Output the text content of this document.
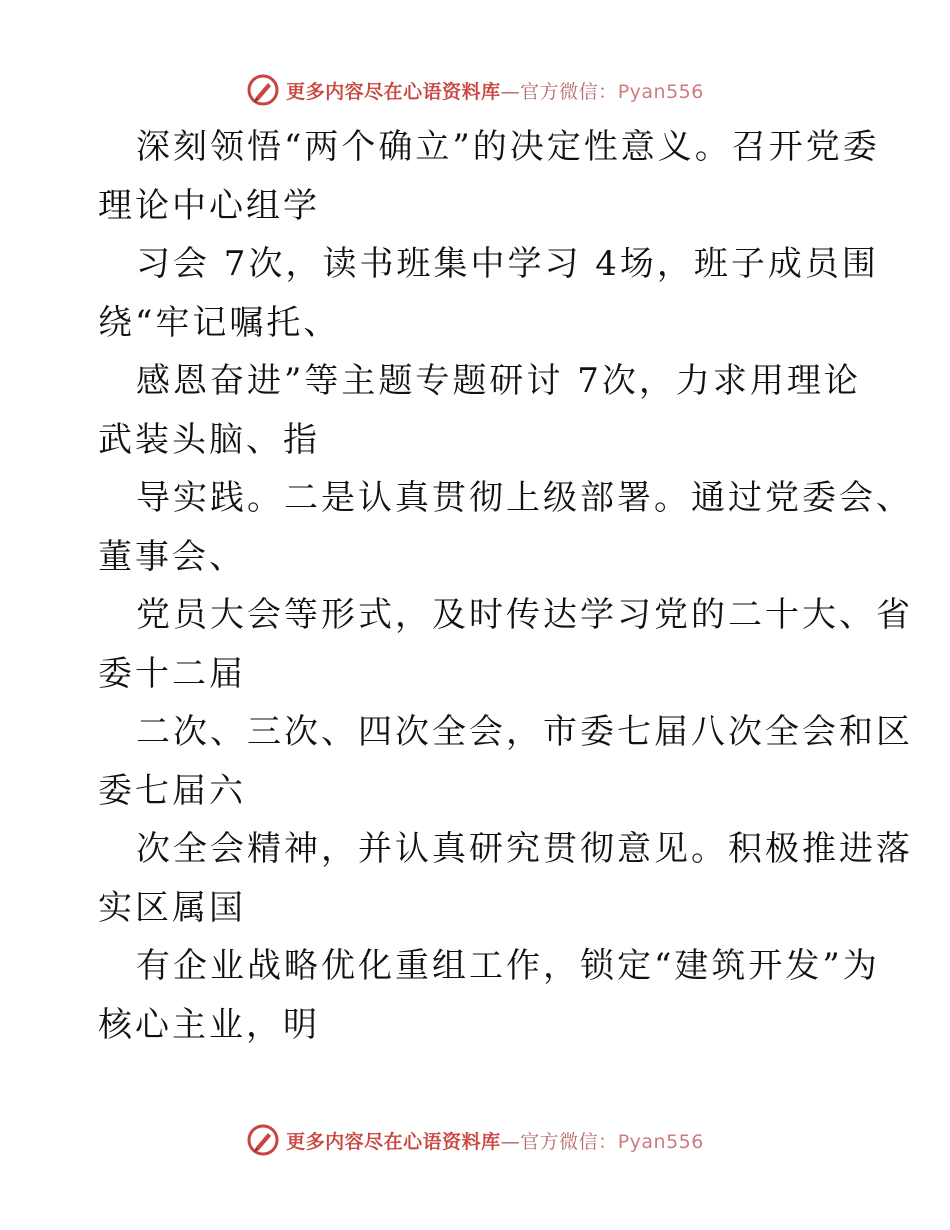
更多内容尽在心语资料库—官方微信：Pyan556
深刻领悟“两个确立”的决定性意义。召开党委
理论中心组学
习会 7次，读书班集中学习 4场，班子成员围
绕“牢记嘱托、
感恩奋进”等主题专题研讨 7次，力求用理论
武装头脑、指
导实践。二是认真贯彻上级部署。通过党委会、
董事会、
党员大会等形式，及时传达学习党的二十大、省
委十二届
二次、三次、四次全会，市委七届八次全会和区
委七届六
次全会精神，并认真研究贯彻意见。积极推进落
实区属国
有企业战略优化重组工作，锁定“建筑开发”为
核心主业，明
更多内容尽在心语资料库—官方微信：Pyan556
